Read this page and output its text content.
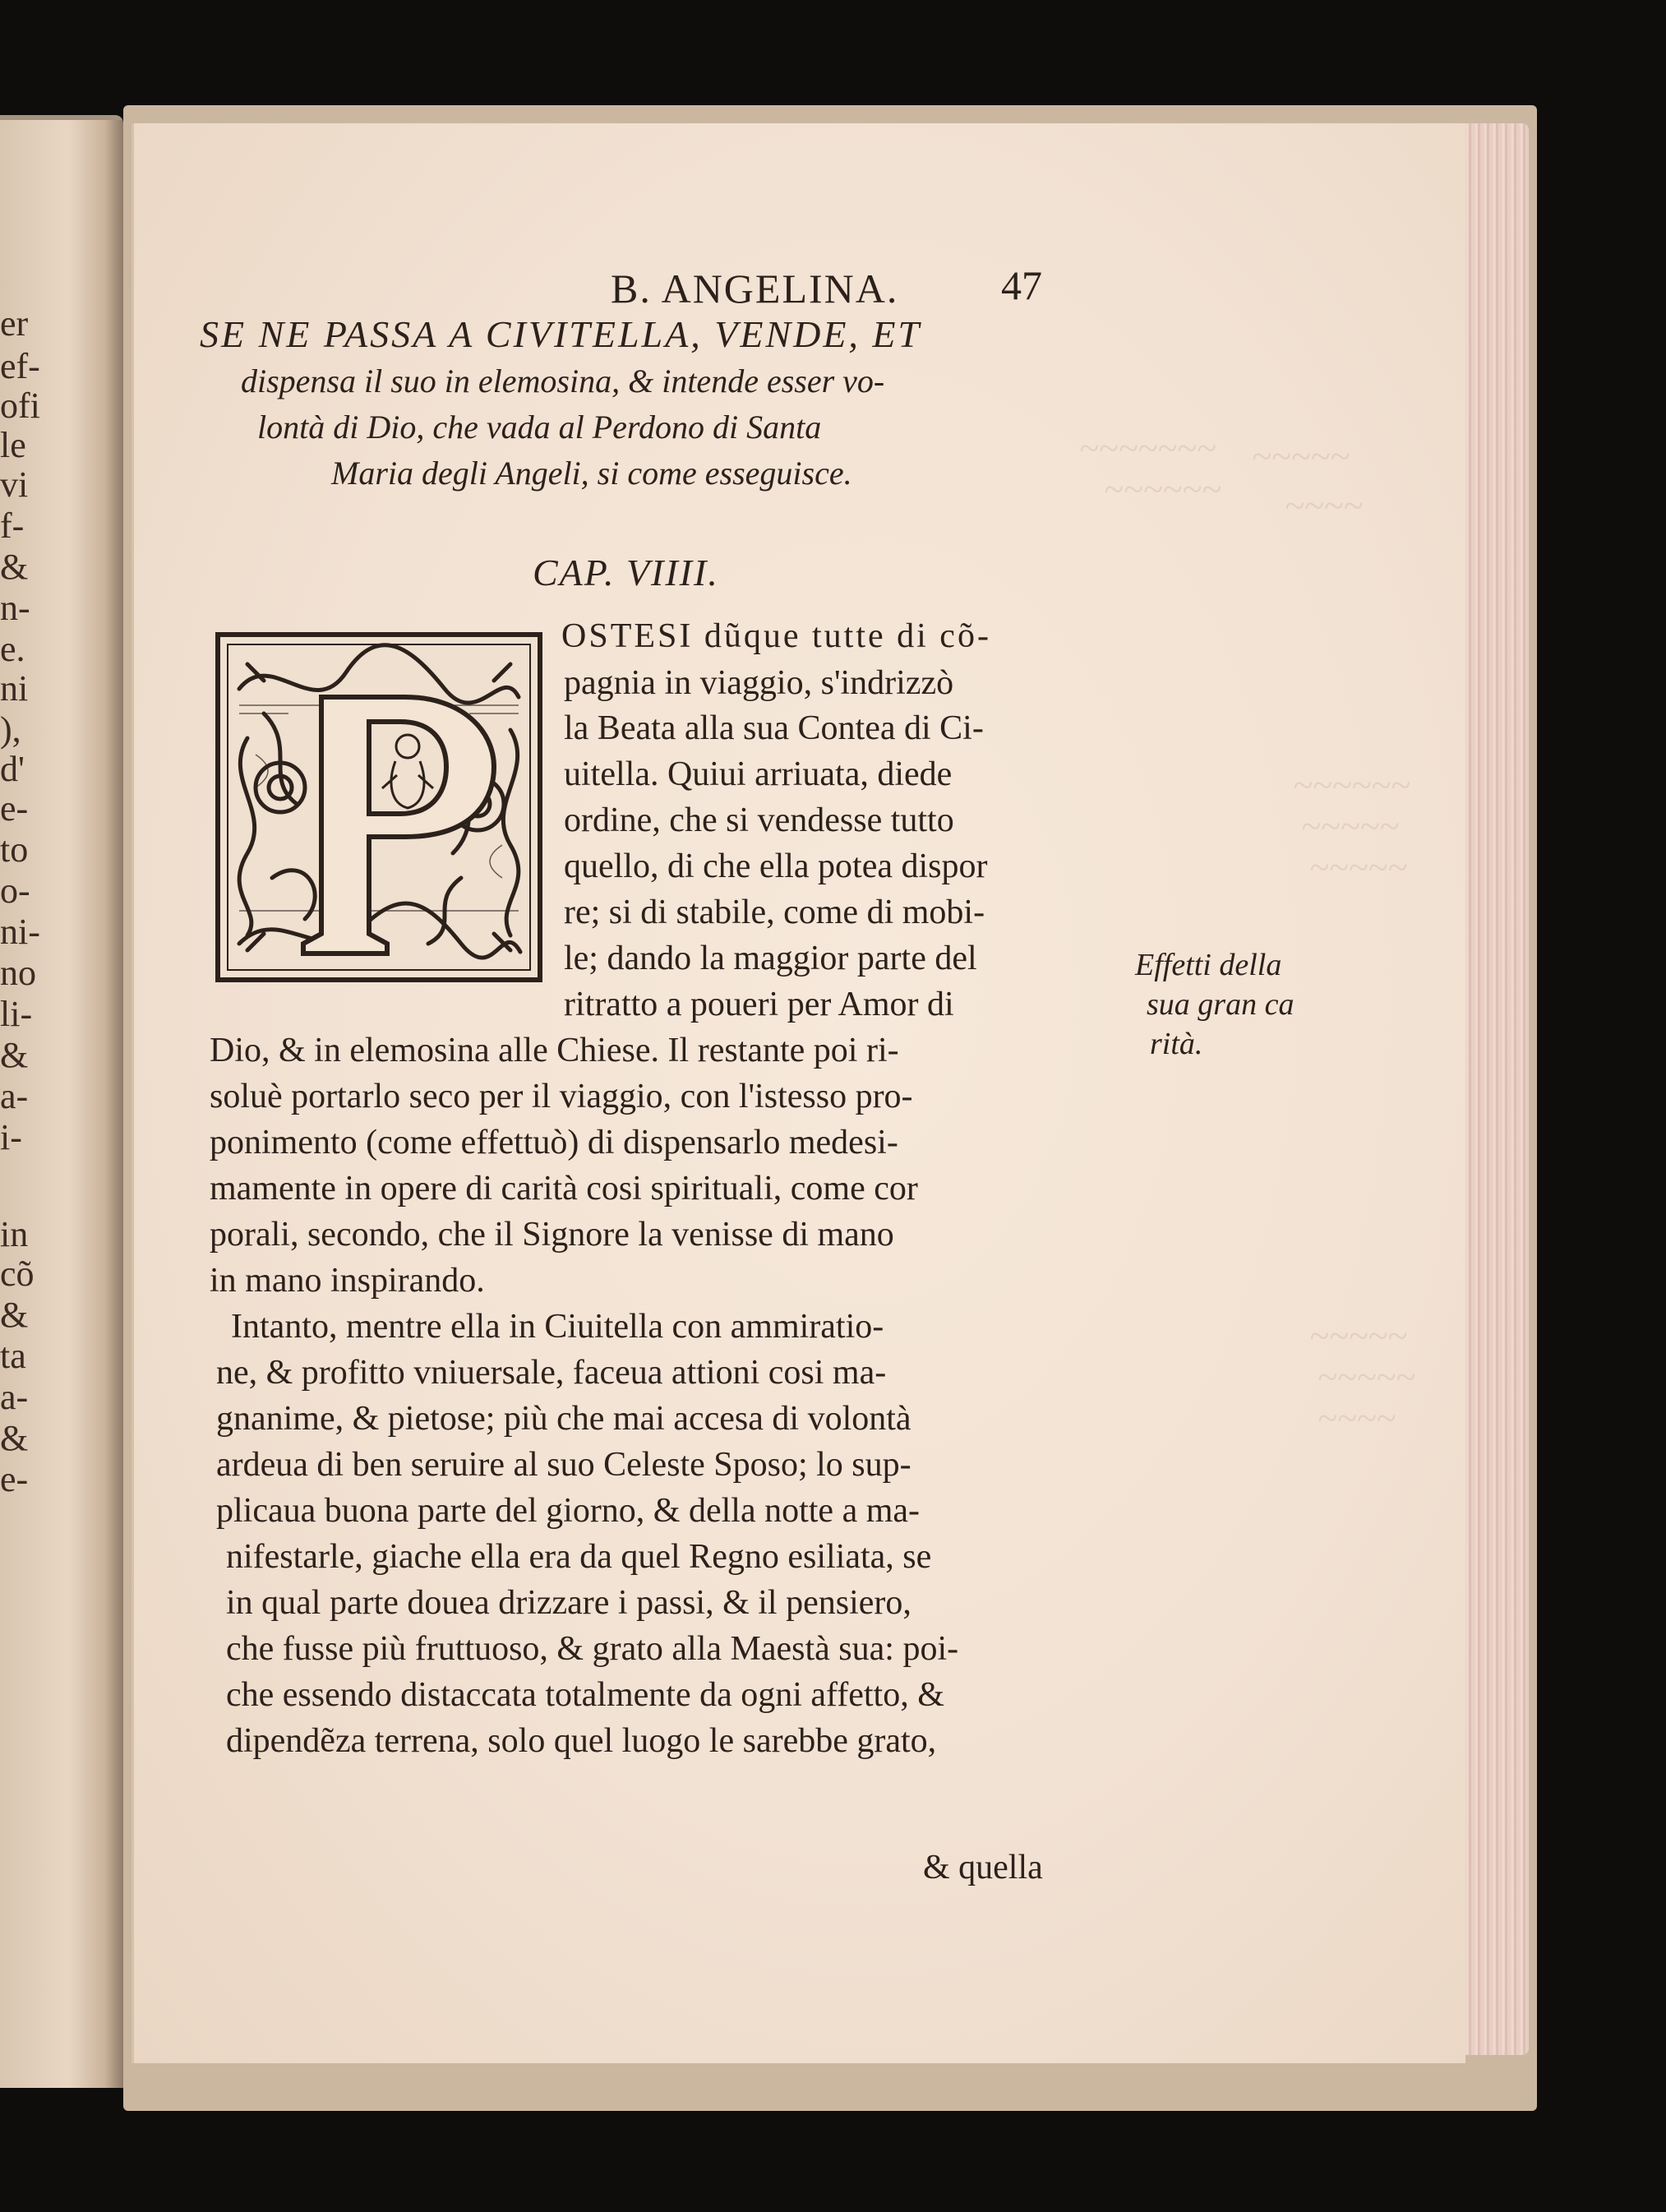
er
ef-
ofi
le
vi
f-
&
n-
e.
ni
),
d'
e-
to
o-
ni-
no
li-
&
a-
i-
in
cõ
&
ta
a-
&
e-
~~~~~~~
~~~~~~
~~~~~
~~~~
~~~~~~
~~~~~
~~~~~
~~~~~
~~~~~
~~~~
B. ANGELINA. 47
SE NE PASSA A CIVITELLA, VENDE, ET
dispensa il suo in elemosina, & intende esser vo-
lontà di Dio, che vada al Perdono di Santa
Maria degli Angeli, si come esseguisce.
CAP. VIIII.
OSTESI dũque tutte di cõ-
pagnia in viaggio, s'indrizzò
la Beata alla sua Contea di Ci-
uitella. Quiui arriuata, diede
ordine, che si vendesse tutto
quello, di che ella potea dispor
re; si di stabile, come di mobi-
le; dando la maggior parte del
ritratto a poueri per Amor di
Dio, & in elemosina alle Chiese. Il restante poi ri-
soluè portarlo seco per il viaggio, con l'istesso pro-
ponimento (come effettuò) di dispensarlo medesi-
mamente in opere di carità cosi spirituali, come cor
porali, secondo, che il Signore la venisse di mano
in mano inspirando.
Intanto, mentre ella in Ciuitella con ammiratio-
ne, & profitto vniuersale, faceua attioni cosi ma-
gnanime, & pietose; più che mai accesa di volontà
ardeua di ben seruire al suo Celeste Sposo; lo sup-
plicaua buona parte del giorno, & della notte a ma-
nifestarle, giache ella era da quel Regno esiliata, se
in qual parte douea drizzare i passi, & il pensiero,
che fusse più fruttuoso, & grato alla Maestà sua: poi-
che essendo distaccata totalmente da ogni affetto, &
dipendẽza terrena, solo quel luogo le sarebbe grato,
Effetti della
sua gran ca
rità.
& quella
